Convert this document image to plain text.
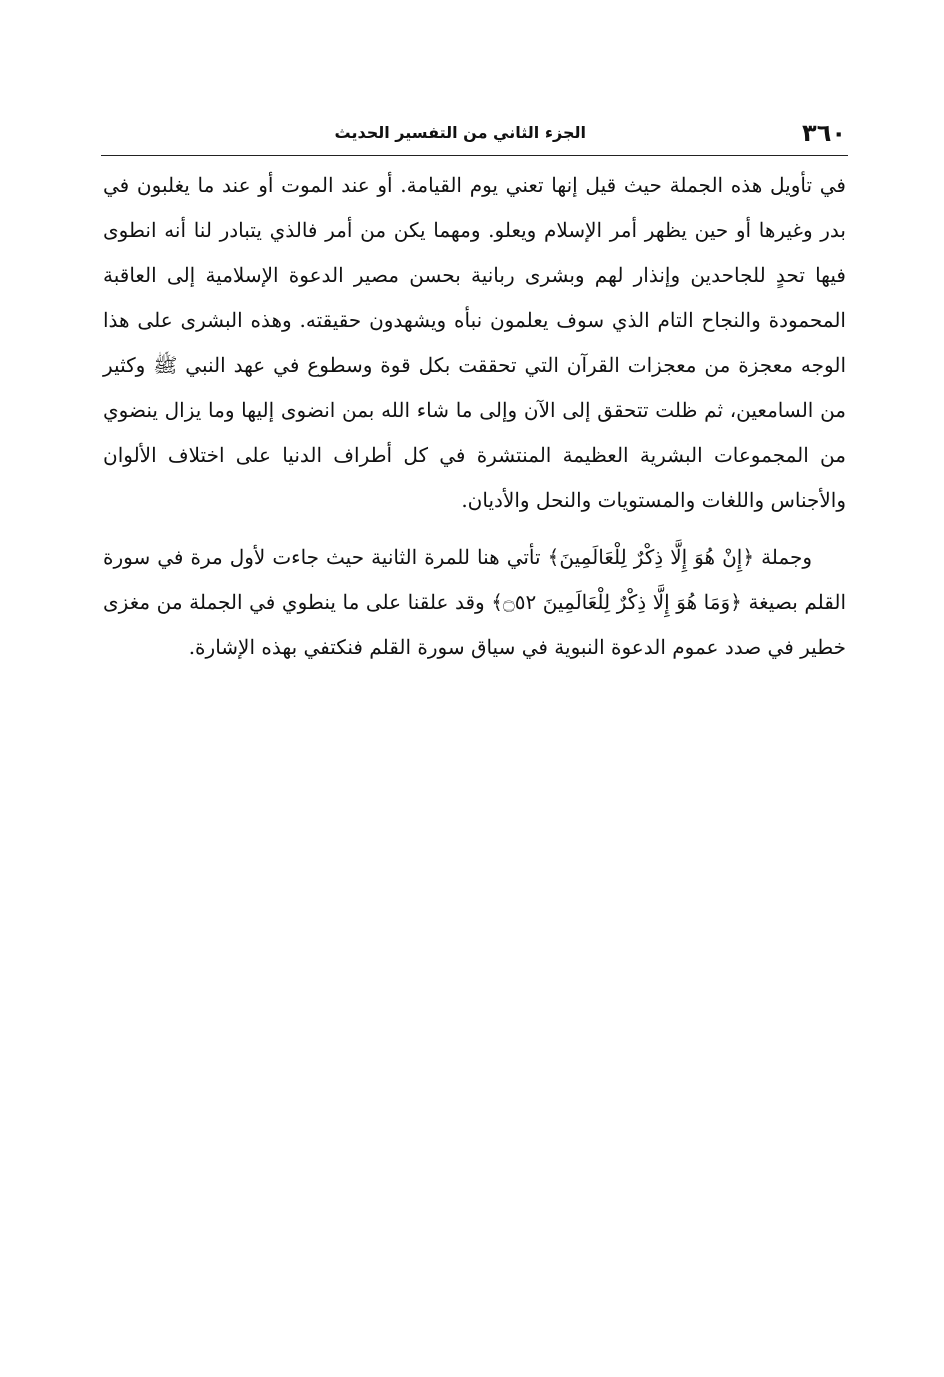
٣٦٠
الجزء الثاني من التفسير الحديث

في تأويل هذه الجملة حيث قيل إنها تعني يوم القيامة. أو عند الموت أو عند ما يغلبون في بدر وغيرها أو حين يظهر أمر الإسلام ويعلو. ومهما يكن من أمر فالذي يتبادر لنا أنه انطوى فيها تحدٍ للجاحدين وإنذار لهم وبشرى ربانية بحسن مصير الدعوة الإسلامية إلى العاقبة المحمودة والنجاح التام الذي سوف يعلمون نبأه ويشهدون حقيقته. وهذه البشرى على هذا الوجه معجزة من معجزات القرآن التي تحققت بكل قوة وسطوع في عهد النبي ﷺ وكثير من السامعين، ثم ظلت تتحقق إلى الآن وإلى ما شاء الله بمن انضوى إليها وما يزال ينضوي من المجموعات البشرية العظيمة المنتشرة في كل أطراف الدنيا على اختلاف الألوان والأجناس واللغات والمستويات والنحل والأديان.

وجملة ﴿إِنْ هُوَ إِلَّا ذِكْرٌ لِلْعَالَمِينَ﴾ تأتي هنا للمرة الثانية حيث جاءت لأول مرة في سورة القلم بصيغة ﴿وَمَا هُوَ إِلَّا ذِكْرٌ لِلْعَالَمِينَ ۝٥٢﴾ وقد علقنا على ما ينطوي في الجملة من مغزى خطير في صدد عموم الدعوة النبوية في سياق سورة القلم فنكتفي بهذه الإشارة.
